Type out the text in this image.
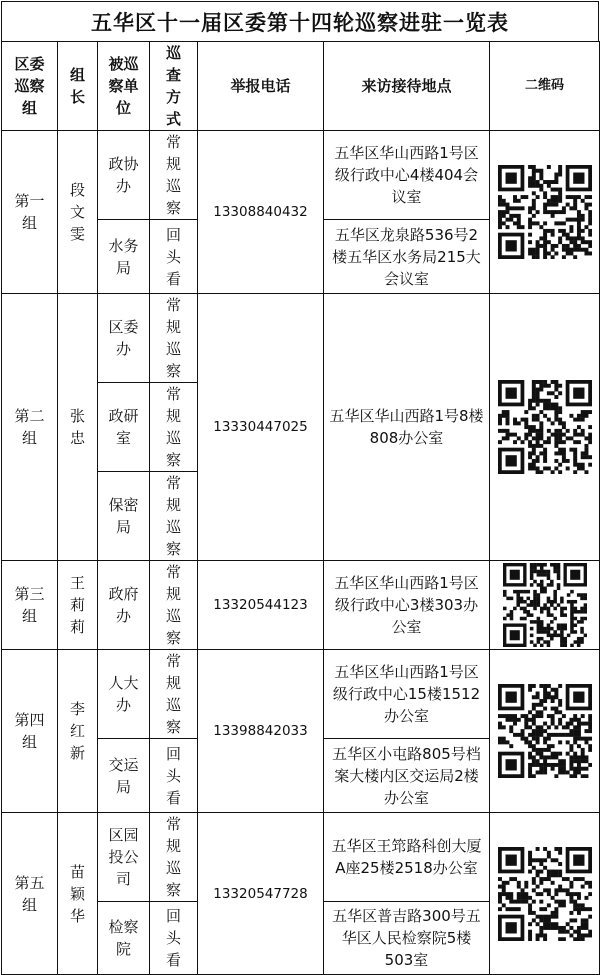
五华区十一届区委第十四轮巡察进驻一览表
区委巡察组	组长	被巡察单位	巡查方式	举报电话	来访接待地点	二维码
第一组	段文雯	政协办	常规巡察	13308840432	五华区华山西路1号区级行政中心4楼404会议室	

		水务局	回头看		五华区龙泉路536号2楼五华区水务局215大会议室	
第二组	张忠	区委办	常规巡察	13330447025	五华区华山西路1号8楼808办公室	

		政研室	常规巡察			
		保密局	常规巡察			
第三组	王莉莉	政府办	常规巡察	13320544123	五华区华山西路1号区级行政中心3楼303办公室	

第四组	李红新	人大办	常规巡察	13398842033	五华区华山西路1号区级行政中心15楼1512办公室	

		交运局	回头看		五华区小屯路805号档案大楼内区交运局2楼办公室	
第五组	苗颖华	区园投公司	常规巡察	13320547728	五华区王筇路科创大厦A座25楼2518办公室	

		检察院	回头看		五华区普吉路300号五华区人民检察院5楼503室	
